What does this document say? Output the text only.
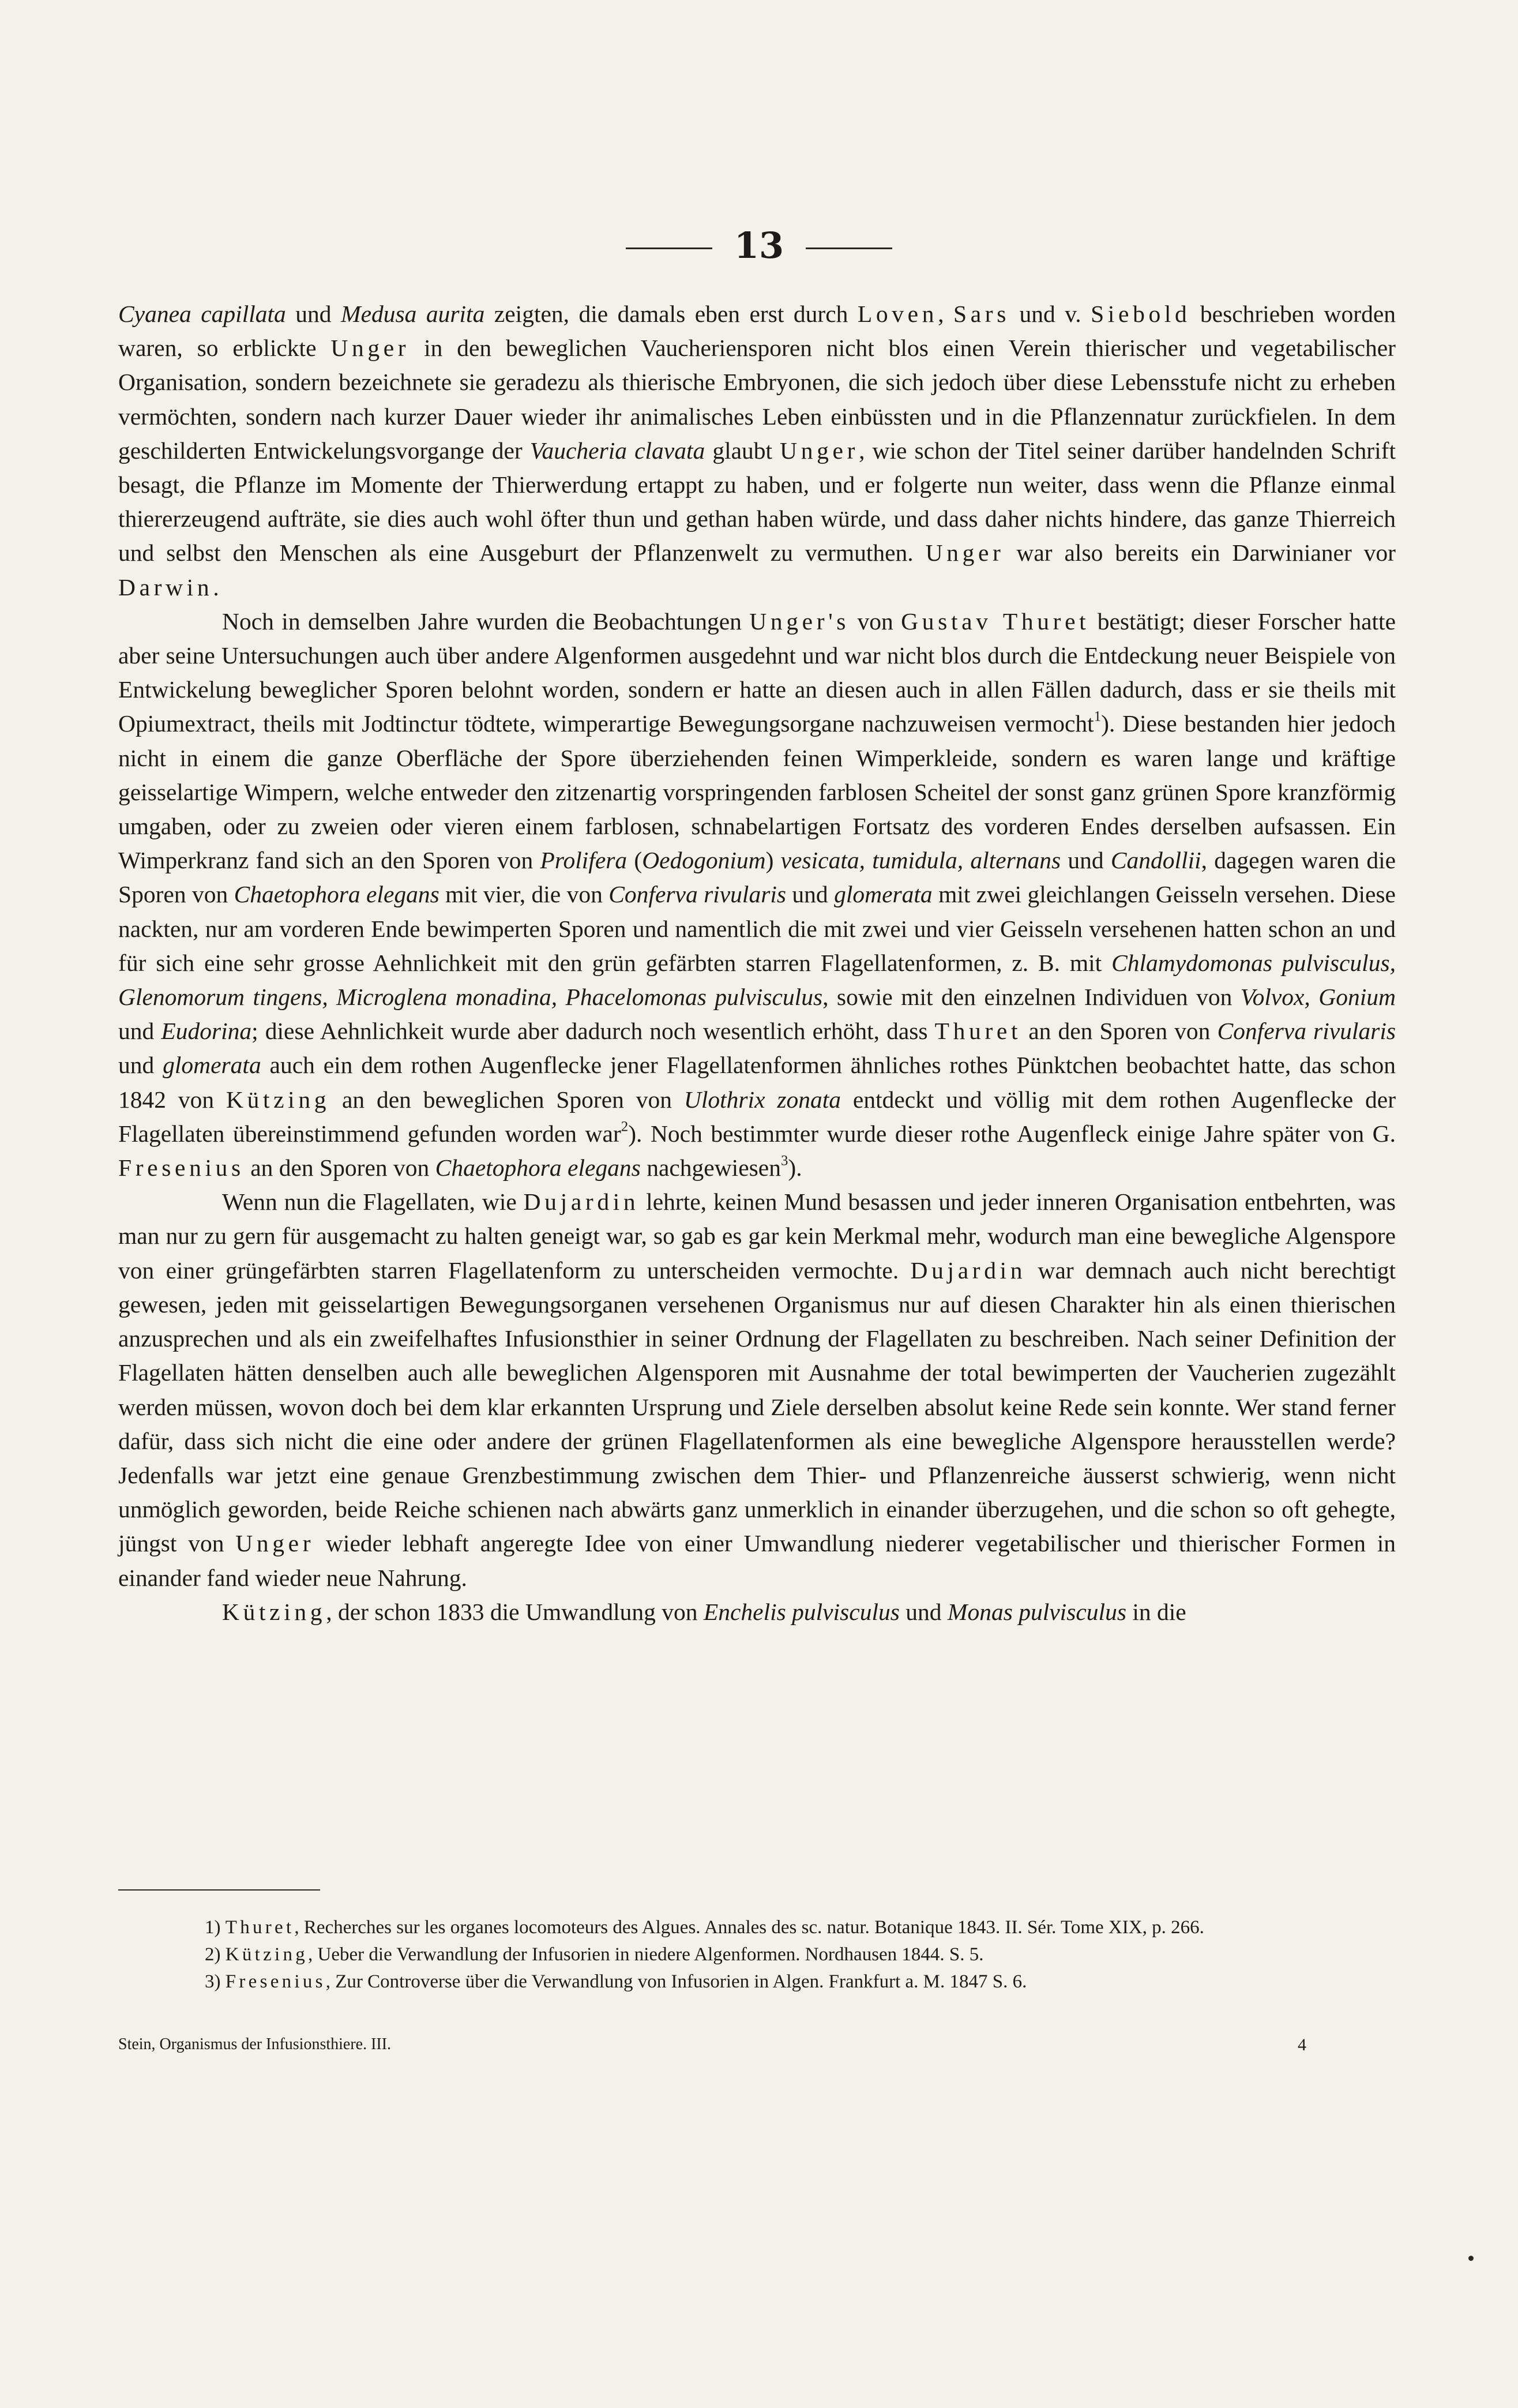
13

Cyanea capillata und Medusa aurita zeigten, die damals eben erst durch Loven, Sars und v. Siebold beschrieben worden waren, so erblickte Unger in den beweglichen Vaucheriensporen nicht blos einen Verein thierischer und vegetabilischer Organisation, sondern bezeichnete sie geradezu als thierische Embryonen, die sich jedoch über diese Lebensstufe nicht zu erheben vermöchten, sondern nach kurzer Dauer wieder ihr animalisches Leben einbüssten und in die Pflanzennatur zurückfielen. In dem geschilderten Entwickelungsvorgange der Vaucheria clavata glaubt Unger, wie schon der Titel seiner darüber handelnden Schrift besagt, die Pflanze im Momente der Thierwerdung ertappt zu haben, und er folgerte nun weiter, dass wenn die Pflanze einmal thiererzeugend aufträte, sie dies auch wohl öfter thun und gethan haben würde, und dass daher nichts hindere, das ganze Thierreich und selbst den Menschen als eine Ausgeburt der Pflanzenwelt zu vermuthen. Unger war also bereits ein Darwinianer vor Darwin.

Noch in demselben Jahre wurden die Beobachtungen Unger's von Gustav Thuret bestätigt; dieser Forscher hatte aber seine Untersuchungen auch über andere Algenformen ausgedehnt und war nicht blos durch die Entdeckung neuer Beispiele von Entwickelung beweglicher Sporen belohnt worden, sondern er hatte an diesen auch in allen Fällen dadurch, dass er sie theils mit Opiumextract, theils mit Jodtinctur tödtete, wimperartige Bewegungsorgane nachzuweisen vermocht$^1$). Diese bestanden hier jedoch nicht in einem die ganze Oberfläche der Spore überziehenden feinen Wimperkleide, sondern es waren lange und kräftige geisselartige Wimpern, welche entweder den zitzenartig vorspringenden farblosen Scheitel der sonst ganz grünen Spore kranzförmig umgaben, oder zu zweien oder vieren einem farblosen, schnabelartigen Fortsatz des vorderen Endes derselben aufsassen. Ein Wimperkranz fand sich an den Sporen von Prolifera (Oedogonium) vesicata, tumidula, alternans und Candollii, dagegen waren die Sporen von Chaetophora elegans mit vier, die von Conferva rivularis und glomerata mit zwei gleichlangen Geisseln versehen. Diese nackten, nur am vorderen Ende bewimperten Sporen und namentlich die mit zwei und vier Geisseln versehenen hatten schon an und für sich eine sehr grosse Aehnlichkeit mit den grün gefärbten starren Flagellatenformen, z. B. mit Chlamydomonas pulvisculus, Glenomorum tingens, Microglena monadina, Phacelomonas pulvisculus, sowie mit den einzelnen Individuen von Volvox, Gonium und Eudorina; diese Aehnlichkeit wurde aber dadurch noch wesentlich erhöht, dass Thuret an den Sporen von Conferva rivularis und glomerata auch ein dem rothen Augenflecke jener Flagellatenformen ähnliches rothes Pünktchen beobachtet hatte, das schon 1842 von Kützing an den beweglichen Sporen von Ulothrix zonata entdeckt und völlig mit dem rothen Augenflecke der Flagellaten übereinstimmend gefunden worden war$^2$). Noch bestimmter wurde dieser rothe Augenfleck einige Jahre später von G. Fresenius an den Sporen von Chaetophora elegans nachgewiesen$^3$).

Wenn nun die Flagellaten, wie Dujardin lehrte, keinen Mund besassen und jeder inneren Organisation entbehrten, was man nur zu gern für ausgemacht zu halten geneigt war, so gab es gar kein Merkmal mehr, wodurch man eine bewegliche Algenspore von einer grüngefärbten starren Flagellatenform zu unterscheiden vermochte. Dujardin war demnach auch nicht berechtigt gewesen, jeden mit geisselartigen Bewegungsorganen versehenen Organismus nur auf diesen Charakter hin als einen thierischen anzusprechen und als ein zweifelhaftes Infusionsthier in seiner Ordnung der Flagellaten zu beschreiben. Nach seiner Definition der Flagellaten hätten denselben auch alle beweglichen Algensporen mit Ausnahme der total bewimperten der Vaucherien zugezählt werden müssen, wovon doch bei dem klar erkannten Ursprung und Ziele derselben absolut keine Rede sein konnte. Wer stand ferner dafür, dass sich nicht die eine oder andere der grünen Flagellatenformen als eine bewegliche Algenspore herausstellen werde? Jedenfalls war jetzt eine genaue Grenzbestimmung zwischen dem Thier- und Pflanzenreiche äusserst schwierig, wenn nicht unmöglich geworden, beide Reiche schienen nach abwärts ganz unmerklich in einander überzugehen, und die schon so oft gehegte, jüngst von Unger wieder lebhaft angeregte Idee von einer Umwandlung niederer vegetabilischer und thierischer Formen in einander fand wieder neue Nahrung.

Kützing, der schon 1833 die Umwandlung von Enchelis pulvisculus und Monas pulvisculus in die

1) Thuret, Recherches sur les organes locomoteurs des Algues. Annales des sc. natur. Botanique 1843. II. Sér. Tome XIX, p. 266.

2) Kützing, Ueber die Verwandlung der Infusorien in niedere Algenformen. Nordhausen 1844. S. 5.

3) Fresenius, Zur Controverse über die Verwandlung von Infusorien in Algen. Frankfurt a. M. 1847 S. 6.

Stein, Organismus der Infusionsthiere. III.	4
